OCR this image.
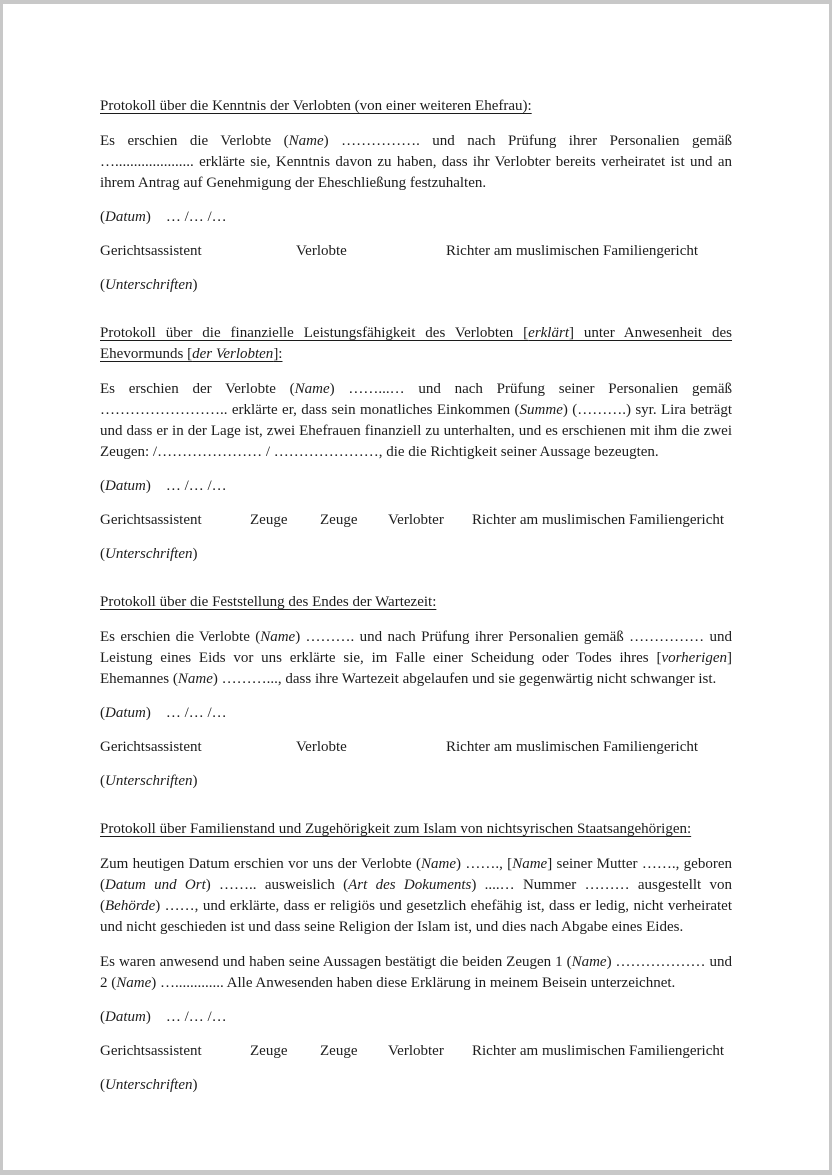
Protokoll über die Kenntnis der Verlobten (von einer weiteren Ehefrau):

Es erschien die Verlobte (Name) ……………. und nach Prüfung ihrer Personalien gemäß …..................... erklärte sie, Kenntnis davon zu haben, dass ihr Verlobter bereits verheiratet ist und an ihrem Antrag auf Genehmigung der Eheschließung festzuhalten.

(Datum) … /… /…
Gerichtsassistent	Verlobte	Richter am muslimischen Familiengericht
(Unterschriften)
Protokoll über die finanzielle Leistungsfähigkeit des Verlobten [erklärt] unter Anwesenheit des Ehevormunds [der Verlobten]:

Es erschien der Verlobte (Name) ……...… und nach Prüfung seiner Personalien gemäß …………………….. erklärte er, dass sein monatliches Einkommen (Summe) (……….) syr. Lira beträgt und dass er in der Lage ist, zwei Ehefrauen finanziell zu unterhalten, und es erschienen mit ihm die zwei Zeugen: /………………… / …………………, die die Richtigkeit seiner Aussage bezeugten.

(Datum) … /… /…
Gerichtsassistent	Zeuge	Zeuge	Verlobter	Richter am muslimischen Familiengericht
(Unterschriften)
Protokoll über die Feststellung des Endes der Wartezeit:

Es erschien die Verlobte (Name) ………. und nach Prüfung ihrer Personalien gemäß …………… und Leistung eines Eids vor uns erklärte sie, im Falle einer Scheidung oder Todes ihres [vorherigen] Ehemannes (Name) ………..., dass ihre Wartezeit abgelaufen und sie gegenwärtig nicht schwanger ist.

(Datum) … /… /…
Gerichtsassistent	Verlobte	Richter am muslimischen Familiengericht
(Unterschriften)
Protokoll über Familienstand und Zugehörigkeit zum Islam von nichtsyrischen Staatsangehörigen:

Zum heutigen Datum erschien vor uns der Verlobte (Name) ……., [Name] seiner Mutter ……., geboren (Datum und Ort) …….. ausweislich (Art des Dokuments) ....… Nummer ……… ausgestellt von (Behörde) ……, und erklärte, dass er religiös und gesetzlich ehefähig ist, dass er ledig, nicht verheiratet und nicht geschieden ist und dass seine Religion der Islam ist, und dies nach Abgabe eines Eides.

Es waren anwesend und haben seine Aussagen bestätigt die beiden Zeugen 1 (Name) ……………… und 2 (Name) …............. Alle Anwesenden haben diese Erklärung in meinem Beisein unterzeichnet.

(Datum) … /… /…
Gerichtsassistent	Zeuge	Zeuge	Verlobter	Richter am muslimischen Familiengericht
(Unterschriften)
